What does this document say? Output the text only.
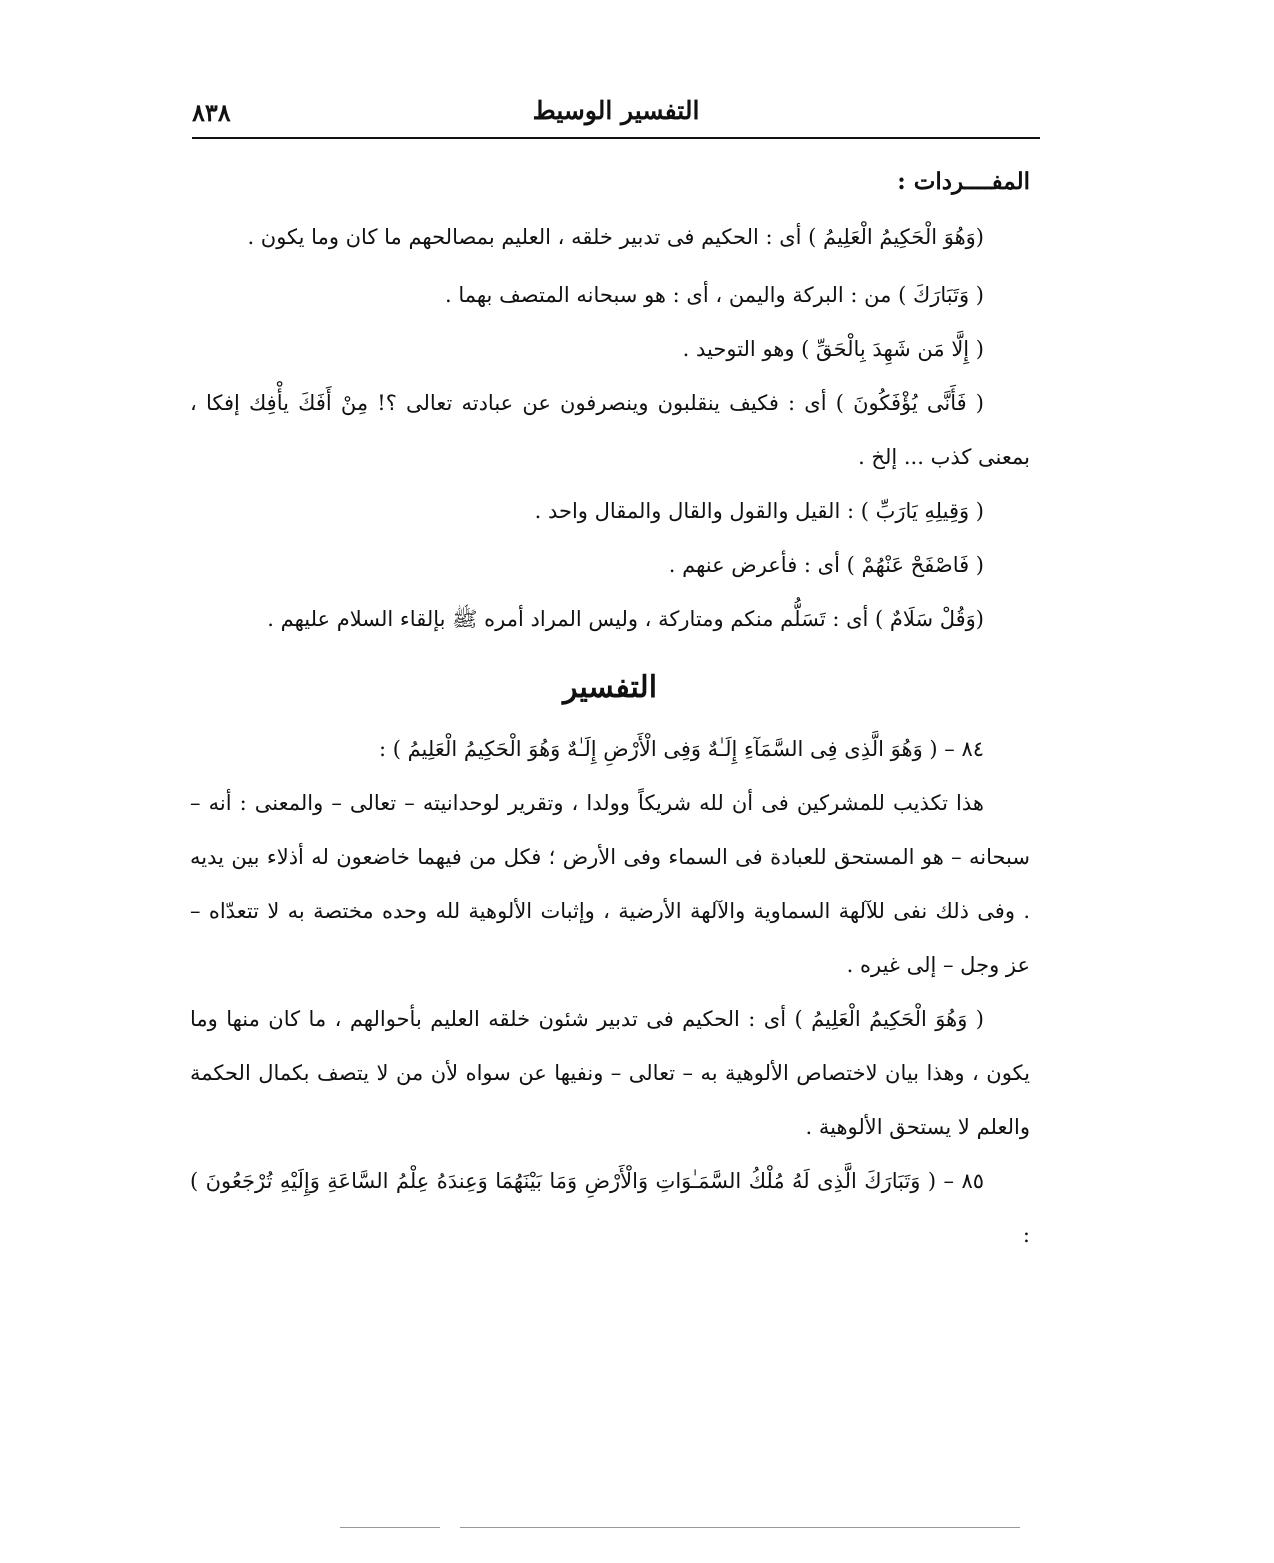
التفسير الوسيط
٨٣٨

المفــــردات :

(وَهُوَ الْحَكِيمُ الْعَلِيمُ ) أى : الحكيم فى تدبير خلقه ، العليم بمصالحهم ما كان وما يكون .

( وَتَبَارَكَ ) من : البركة واليمن ، أى : هو سبحانه المتصف بهما .

( إِلَّا مَن شَهِدَ بِالْحَقِّ ) وهو التوحيد .

( فَأَنَّى يُؤْفَكُونَ ) أى : فكيف ينقلبون وينصرفون عن عبادته تعالى ؟! مِنْ أَفَكَ يأْفِك إفكا ، بمعنى كذب ... إلخ .

( وَقِيلِهِ يَارَبِّ ) : القيل والقول والقال والمقال واحد .

( فَاصْفَحْ عَنْهُمْ ) أى : فأعرض عنهم .

(وَقُلْ سَلَامٌ ) أى : تَسَلُّم منكم ومتاركة ، وليس المراد أمره ﷺ بإلقاء السلام عليهم .

التفسير

٨٤ – ( وَهُوَ الَّذِى فِى السَّمَآءِ إِلَـٰهٌ وَفِى الْأَرْضِ إِلَـٰهٌ وَهُوَ الْحَكِيمُ الْعَلِيمُ ) :

هذا تكذيب للمشركين فى أن لله شريكاً وولدا ، وتقرير لوحدانيته – تعالى – والمعنى : أنه – سبحانه – هو المستحق للعبادة فى السماء وفى الأرض ؛ فكل من فيهما خاضعون له أذلاء بين يديه . وفى ذلك نفى للآلهة السماوية والآلهة الأرضية ، وإثبات الألوهية لله وحده مختصة به لا تتعدّاه – عز وجل – إلى غيره .

( وَهُوَ الْحَكِيمُ الْعَلِيمُ ) أى : الحكيم فى تدبير شئون خلقه العليم بأحوالهم ، ما كان منها وما يكون ، وهذا بيان لاختصاص الألوهية به – تعالى – ونفيها عن سواه لأن من لا يتصف بكمال الحكمة والعلم لا يستحق الألوهية .

٨٥ – ( وَتَبَارَكَ الَّذِى لَهُ مُلْكُ السَّمَـٰوَاتِ وَالْأَرْضِ وَمَا بَيْنَهُمَا وَعِندَهُ عِلْمُ السَّاعَةِ وَإِلَيْهِ تُرْجَعُونَ ) :
